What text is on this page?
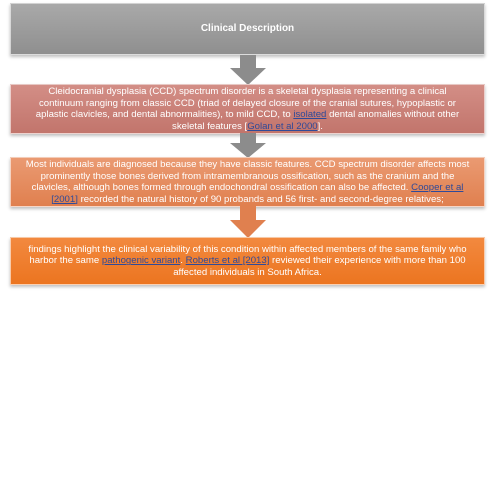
Clinical Description

Cleidocranial dysplasia (CCD) spectrum disorder is a skeletal dysplasia representing a clinical continuum ranging from classic CCD (triad of delayed closure of the cranial sutures, hypoplastic or aplastic clavicles, and dental abnormalities), to mild CCD, to isolated dental anomalies without other skeletal features [Golan et al 2000].

Most individuals are diagnosed because they have classic features. CCD spectrum disorder affects most prominently those bones derived from intramembranous ossification, such as the cranium and the clavicles, although bones formed through endochondral ossification can also be affected. Cooper et al [2001] recorded the natural history of 90 probands and 56 first- and second-degree relatives;

findings highlight the clinical variability of this condition within affected members of the same family who harbor the same pathogenic variant. Roberts et al [2013] reviewed their experience with more than 100 affected individuals in South Africa.
